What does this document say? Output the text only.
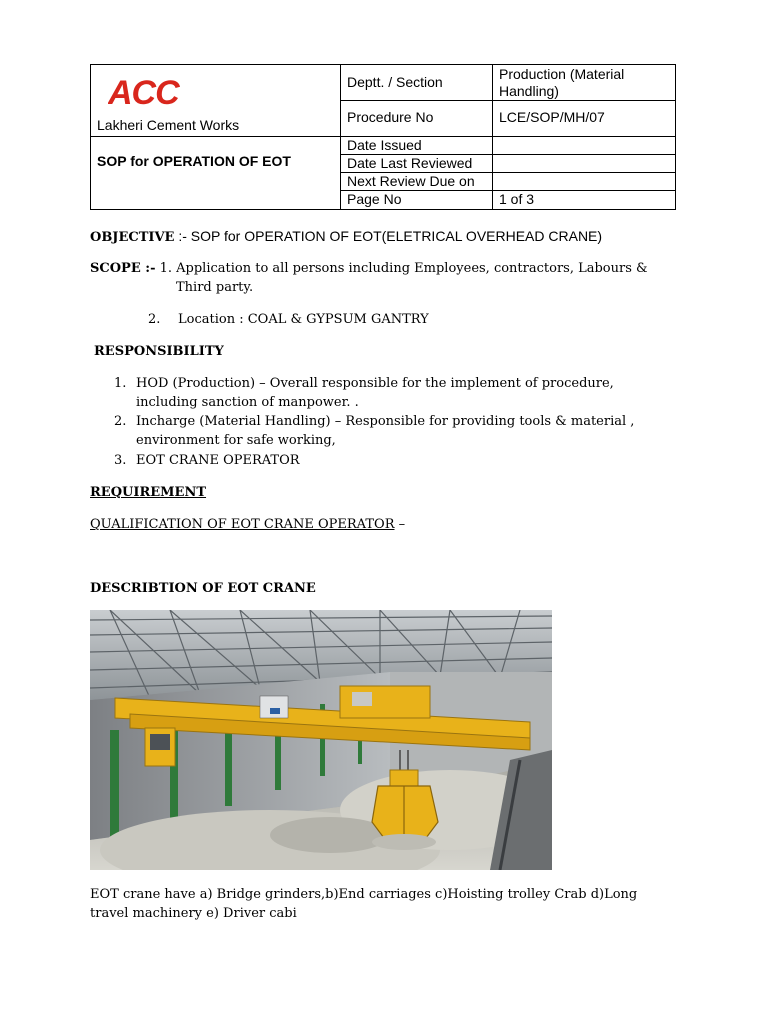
Deptt. / Section	Production (Material
Handling)
Procedure No	LCE/SOP/MH/07
Date Issued
Date Last Reviewed
Next Review Due on
Page No	1 of 3
ACC
Lakheri Cement Works
SOP for OPERATION OF EOT
OBJECTIVE :- SOP for OPERATION OF EOT(ELETRICAL OVERHEAD CRANE)
SCOPE :- 1. Application to all persons including Employees, contractors, Labours &
Third party.
2. Location : COAL & GYPSUM GANTRY
RESPONSIBILITY
1. HOD (Production) – Overall responsible for the implement of procedure,
including sanction of manpower. .
2. Incharge (Material Handling) – Responsible for providing tools & material ,
environment for safe working,
3. EOT CRANE OPERATOR
REQUIREMENT
QUALIFICATION OF EOT CRANE OPERATOR –
DESCRIBTION OF EOT CRANE
EOT crane have a) Bridge grinders,b)End carriages c)Hoisting trolley Crab d)Long
travel machinery e) Driver cabi
